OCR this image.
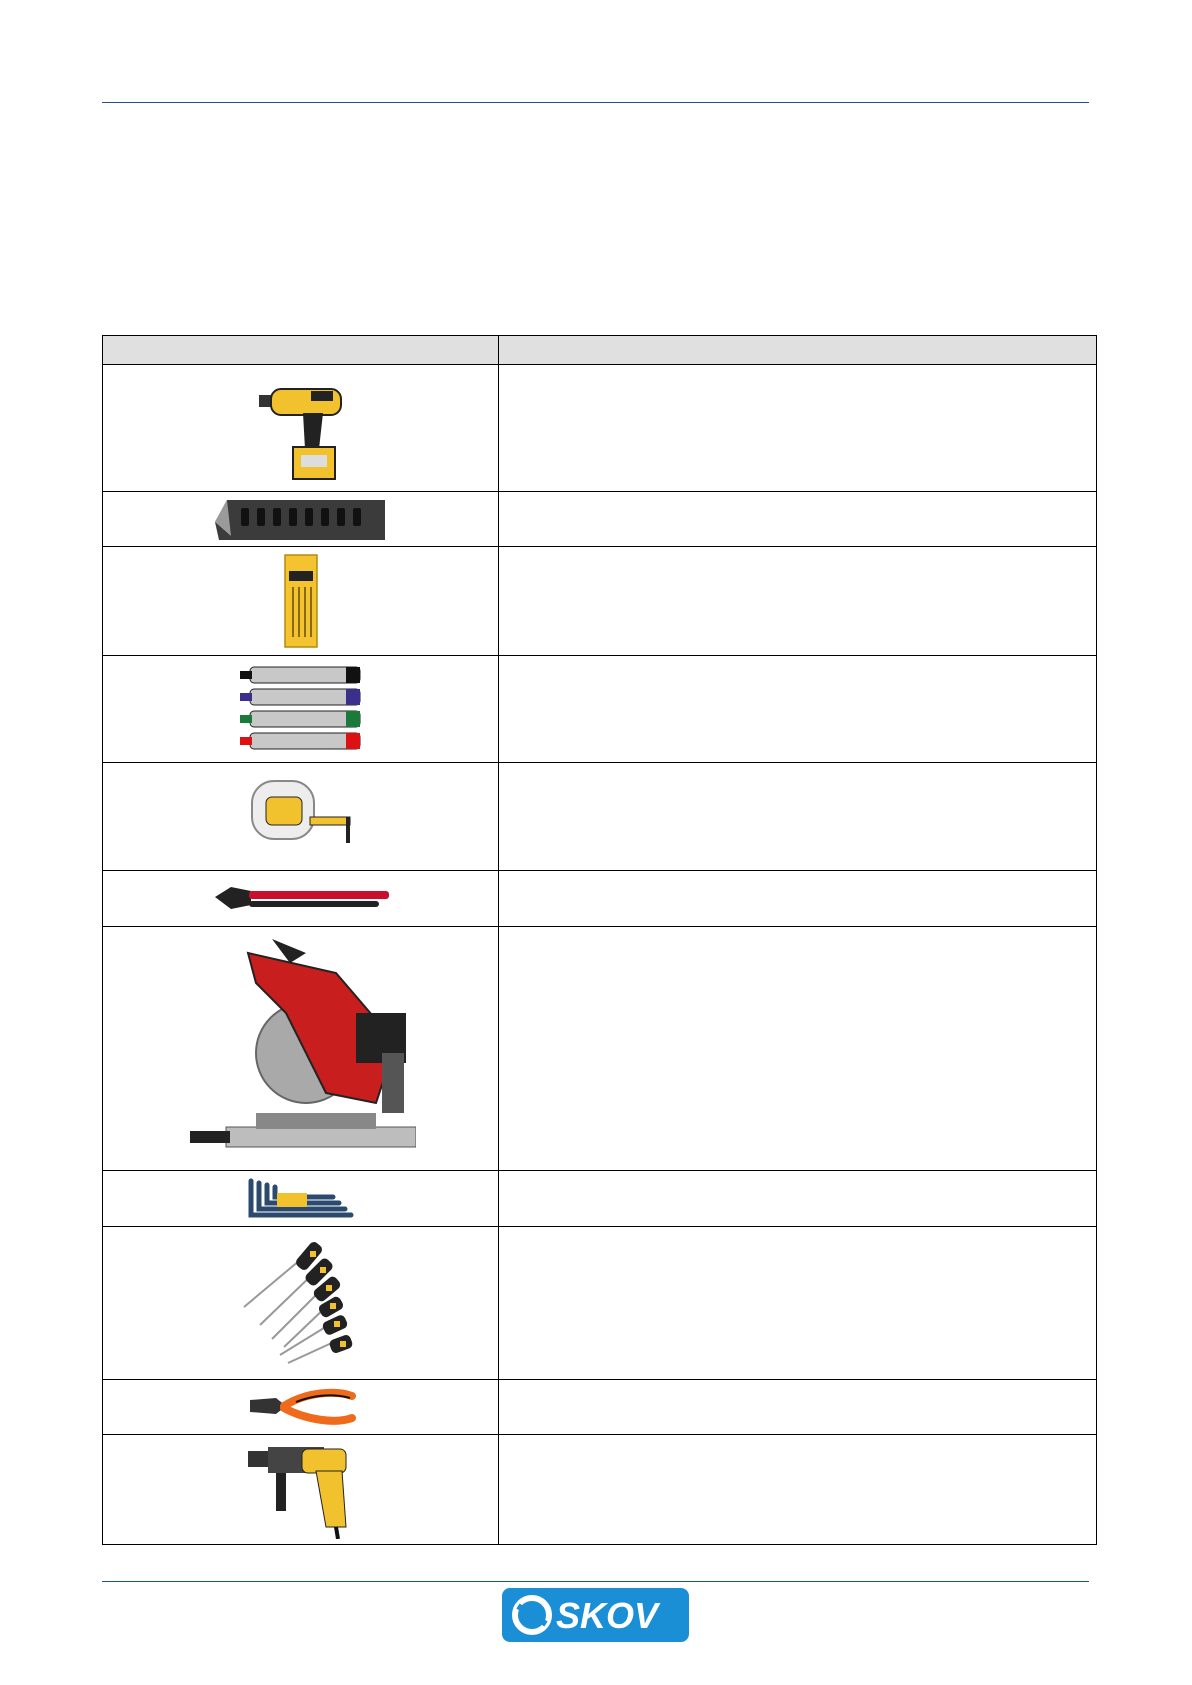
SKOV
